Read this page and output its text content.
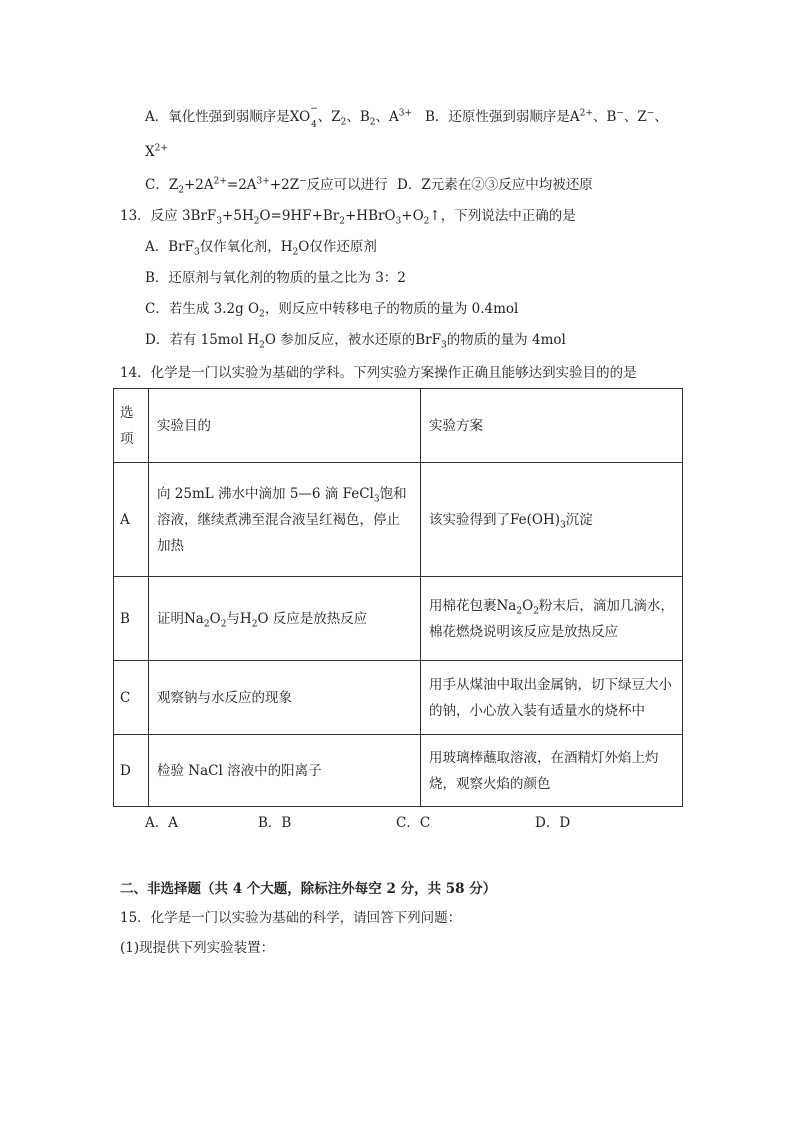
A．氧化性强到弱顺序是XO−
$_4$、$Z_2$、$B_2$、$A^{3+}$ B．还原性强到弱顺序是$A^{2+}$、B−、Z−、
$X^{2+}$
C．$Z_2+2A^{2+}=2A^{3+}+2Z^-$反应可以进行 D．Z元素在②③反应中均被还原
13．反应 $3BrF_3+5H_2O=9HF+Br_2+HBrO_3+O_2↑$，下列说法中正确的是
A．BrF$_3$仅作氧化剂，$H_2O$仅作还原剂
B．还原剂与氧化剂的物质的量之比为 3：2
C．若生成 3.2g $O_2$，则反应中转移电子的物质的量为 0.4mol
D．若有 15mol $H_2O$ 参加反应，被水还原的BrF$_3$的物质的量为 4mol
14．化学是一门以实验为基础的学科。下列实验方案操作正确且能够达到实验目的的是
选
项	实验目的	实验方案
A	向 25mL 沸水中滴加 5—6 滴 FeCl$_3$饱和溶液，继续煮沸至混合液呈红褐色，停止加热	该实验得到了$Fe(OH)_3$沉淀
B	证明$Na_2O_2$与$H_2O$ 反应是放热反应	用棉花包裹$Na_2O_2$粉末后，滴加几滴水，棉花燃烧说明该反应是放热反应
C	观察钠与水反应的现象	用手从煤油中取出金属钠，切下绿豆大小的钠，小心放入装有适量水的烧杯中
D	检验 NaCl 溶液中的阳离子	用玻璃棒蘸取溶液，在酒精灯外焰上灼烧，观察火焰的颜色
A．A	B．B	C．C	D．D
二、非选择题（共 4 个大题，除标注外每空 2 分，共 58 分）
15．化学是一门以实验为基础的科学，请回答下列问题：
(1)现提供下列实验装置：
